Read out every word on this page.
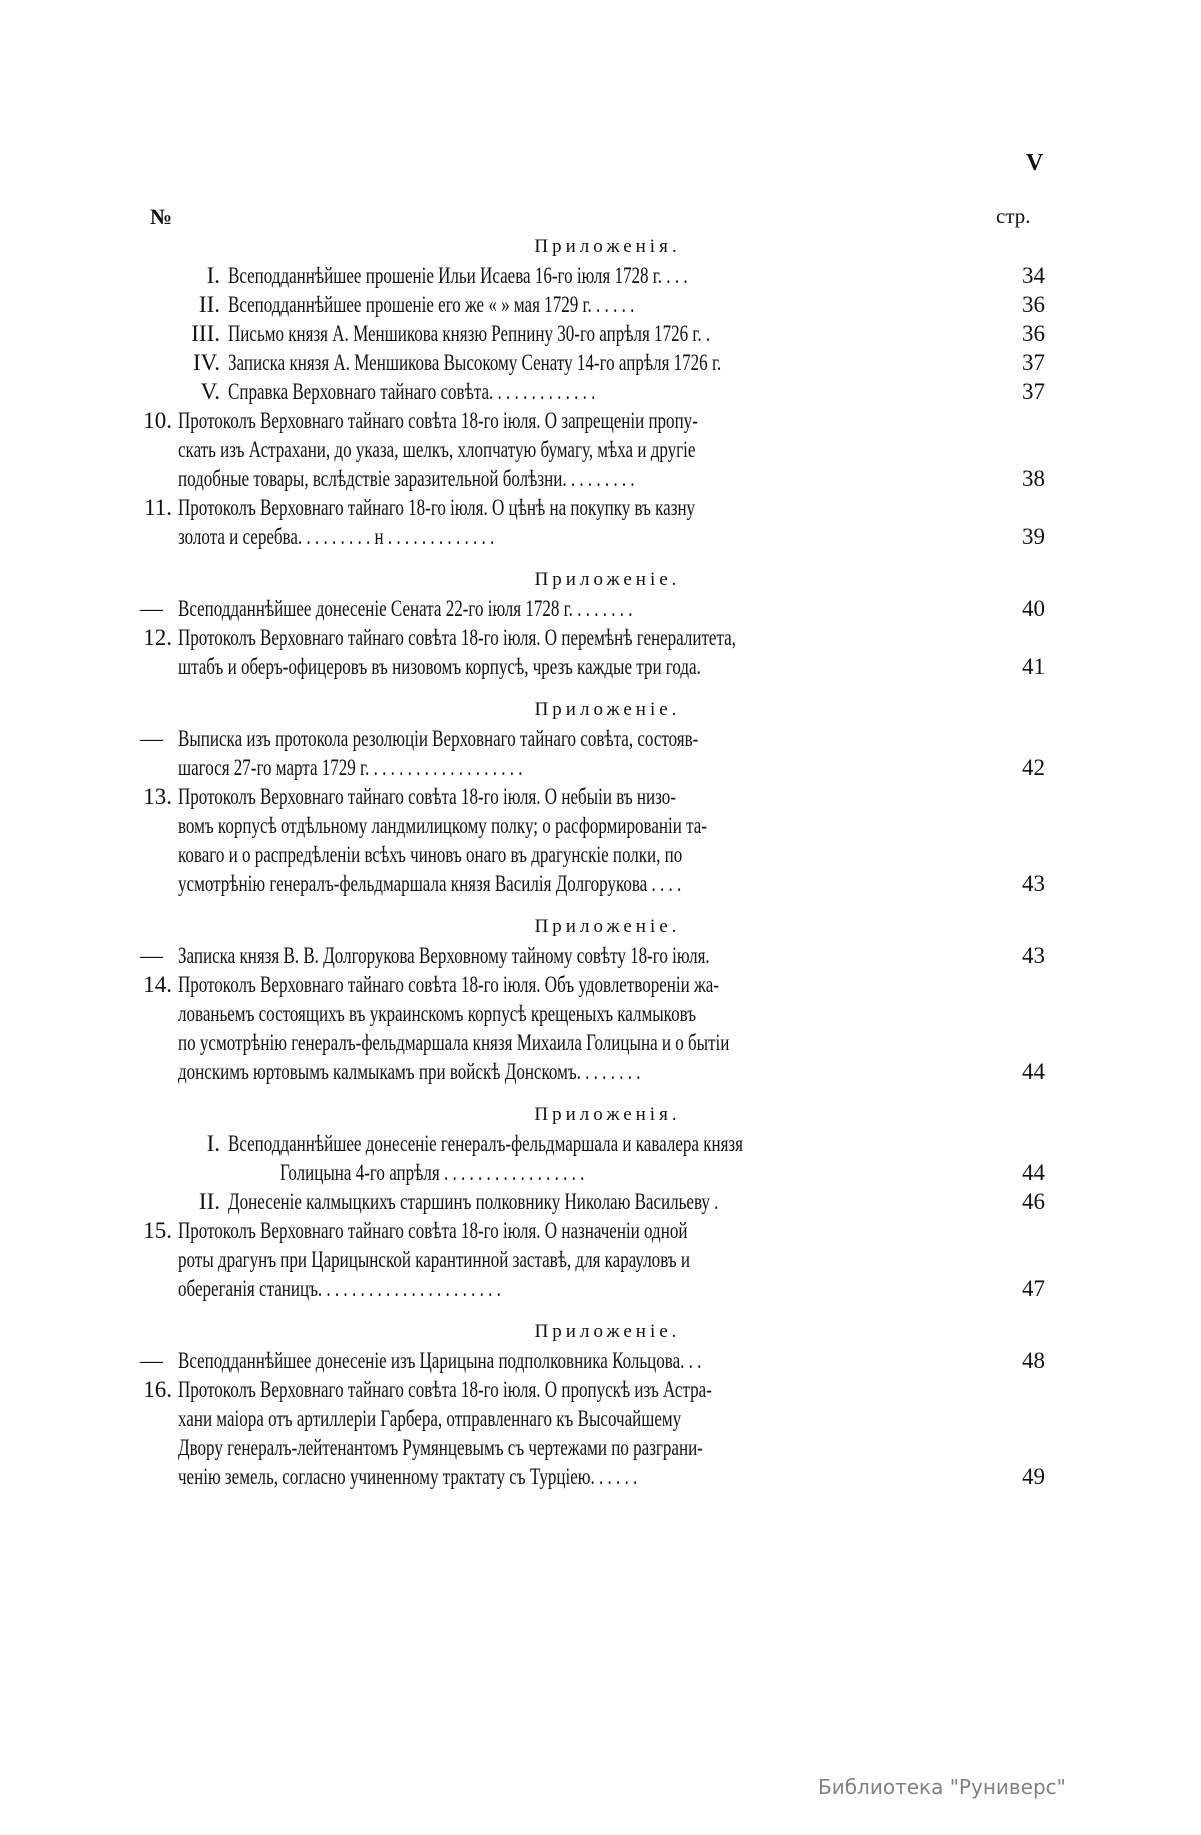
V
№	стр.
Приложенія.
I. Всеподданнѣйшее прошеніе Ильи Исаева 16-го іюля 1728 г. . . .	34
II. Всеподданнѣйшее прошеніе его же « » мая 1729 г. . . . . .	36
III. Письмо князя А. Меншикова князю Репнину 30-го апрѣля 1726 г. .	36
IV. Записка князя А. Меншикова Высокому Сенату 14-го апрѣля 1726 г.	37
V. Справка Верховнаго тайнаго совѣта. . . . . . . . . . . . .	37
10. Протоколъ Верховнаго тайнаго совѣта 18-го іюля. О запрещеніи пропу-
скать изъ Астрахани, до указа, шелкъ, хлопчатую бумагу, мѣха и другіе
подобные товары, вслѣдствіе заразительной болѣзни. . . . . . . . .	38
11. Протоколъ Верховнаго тайнаго 18-го іюля. О цѣнѣ на покупку въ казну
золота и серебва. . . . . . . . . н . . . . . . . . . . . . .	39
Приложеніе.
— Всеподданнѣйшее донесеніе Сената 22-го іюля 1728 г. . . . . . . .	40
12. Протоколъ Верховнаго тайнаго совѣта 18-го іюля. О перемѣнѣ генералитета,
штабъ и оберъ-офицеровъ въ низовомъ корпусѣ, чрезъ каждые три года.	41
Приложеніе.
— Выписка изъ протокола резолюціи Верховнаго тайнаго совѣта, состояв-
шагося 27-го марта 1729 г. . . . . . . . . . . . . . . . . . .	42
13. Протоколъ Верховнаго тайнаго совѣта 18-го іюля. О небыіи въ низо-
вомъ корпусѣ отдѣльному ландмилицкому полку; о расформированіи та-
коваго и о распредѣленіи всѣхъ чиновъ онаго въ драгунскіе полки, по
усмотрѣнію генералъ-фельдмаршала князя Василія Долгорукова . . . .	43
Приложеніе.
— Записка князя В. В. Долгорукова Верховному тайному совѣту 18-го іюля.	43
14. Протоколъ Верховнаго тайнаго совѣта 18-го іюля. Объ удовлетвореніи жа-
лованьемъ состоящихъ въ украинскомъ корпусѣ крещеныхъ калмыковъ
по усмотрѣнію генералъ-фельдмаршала князя Михаила Голицына и о бытіи
донскимъ юртовымъ калмыкамъ при войскѣ Донскомъ. . . . . . . .	44
Приложенія.
I. Всеподданнѣйшее донесеніе генералъ-фельдмаршала и кавалера князя
Голицына 4-го апрѣля . . . . . . . . . . . . . . . . .	44
II. Донесеніе калмыцкихъ старшинъ полковнику Николаю Васильеву .	46
15. Протоколъ Верховнаго тайнаго совѣта 18-го іюля. О назначеніи одной
роты драгунъ при Царицынской карантинной заставѣ, для карауловъ и
обереганія станицъ. . . . . . . . . . . . . . . . . . . . . .	47
Приложеніе.
— Всеподданнѣйшее донесеніе изъ Царицына подполковника Кольцова. . .	48
16. Протоколъ Верховнаго тайнаго совѣта 18-го іюля. О пропускѣ изъ Астра-
хани маіора отъ артиллеріи Гарбера, отправленнаго къ Высочайшему
Двору генералъ-лейтенантомъ Румянцевымъ съ чертежами по разграни-
ченію земель, согласно учиненному трактату съ Турціею. . . . . .	49
Библиотека "Руниверс"
